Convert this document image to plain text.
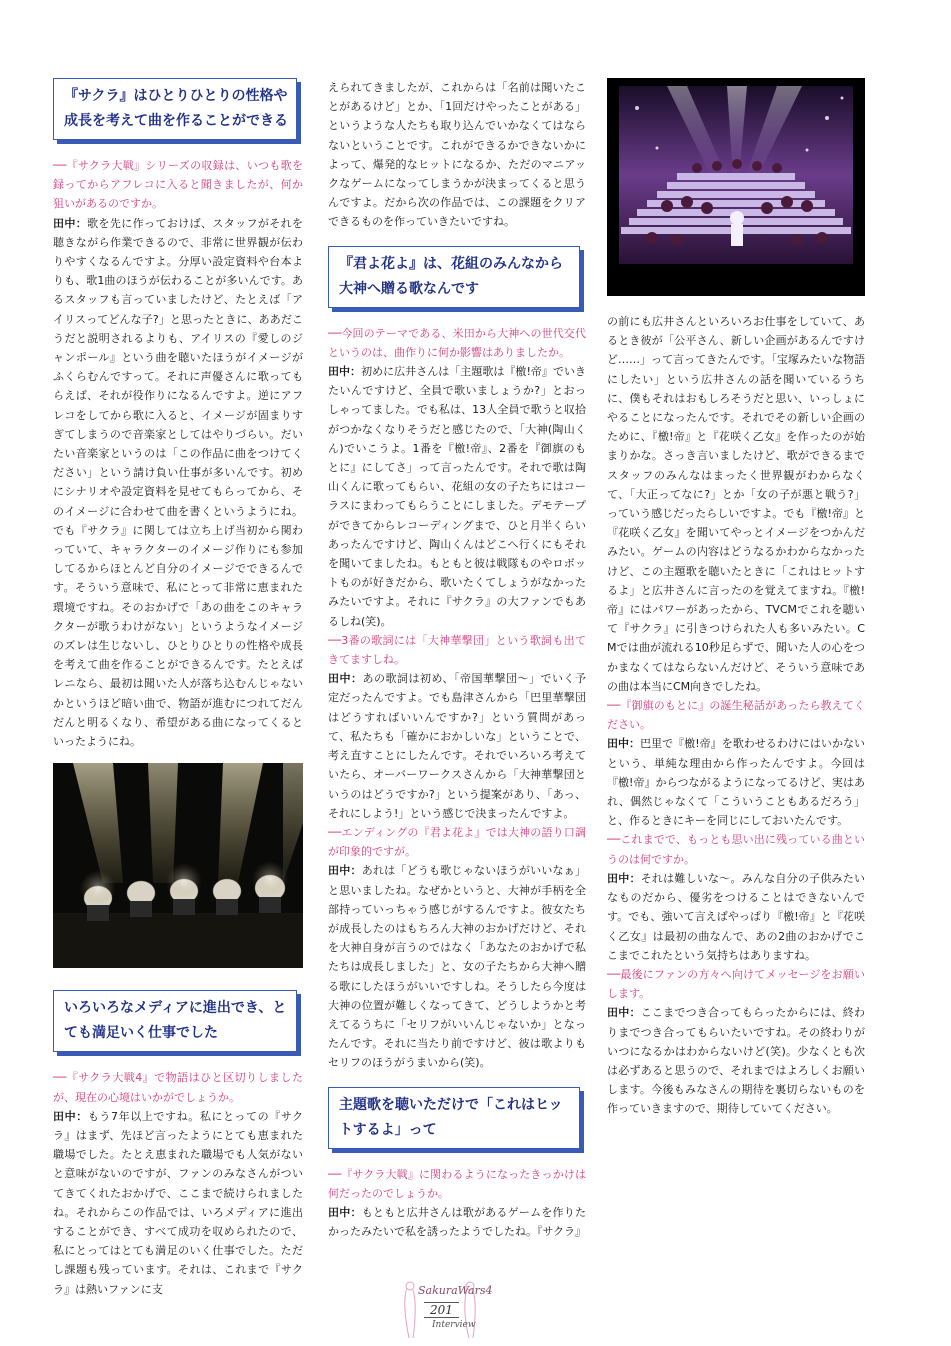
『サクラ』はひとりひとりの性格や成長を考えて曲を作ることができる

──『サクラ大戦』シリーズの収録は、いつも歌を録ってからアフレコに入ると聞きましたが、何か狙いがあるのですか。

田中：歌を先に作っておけば、スタッフがそれを聴きながら作業できるので、非常に世界観が伝わりやすくなるんですよ。分厚い設定資料や台本よりも、歌1曲のほうが伝わることが多いんです。あるスタッフも言っていましたけど、たとえば「アイリスってどんな子?」と思ったときに、ああだこうだと説明されるよりも、アイリスの『愛しのジャンポール』という曲を聴いたほうがイメージがふくらむんですって。それに声優さんに歌ってもらえば、それが役作りになるんですよ。逆にアフレコをしてから歌に入ると、イメージが固まりすぎてしまうので音楽家としてはやりづらい。だいたい音楽家というのは「この作品に曲をつけてください」という請け負い仕事が多いんです。初めにシナリオや設定資料を見せてもらってから、そのイメージに合わせて曲を書くというようにね。でも『サクラ』に関しては立ち上げ当初から関わっていて、キャラクターのイメージ作りにも参加してるからほとんど自分のイメージでできるんです。そういう意味で、私にとって非常に恵まれた環境ですね。そのおかげで「あの曲をこのキャラクターが歌うわけがない」というようなイメージのズレは生じないし、ひとりひとりの性格や成長を考えて曲を作ることができるんです。たとえばレニなら、最初は聞いた人が落ち込むんじゃないかというほど暗い曲で、物語が進むにつれてだんだんと明るくなり、希望がある曲になってくるといったようにね。

いろいろなメディアに進出でき、とても満足いく仕事でした

──『サクラ大戦4』で物語はひと区切りしましたが、現在の心境はいかがでしょうか。

田中：もう7年以上ですね。私にとっての『サクラ』はまず、先ほど言ったようにとても恵まれた職場でした。たとえ恵まれた職場でも人気がないと意味がないのですが、ファンのみなさんがついてきてくれたおかげで、ここまで続けられましたね。それからこの作品では、いろメディアに進出することができ、すべて成功を収められたので、私にとってはとても満足のいく仕事でした。ただし課題も残っています。それは、これまで『サクラ』は熱いファンに支

えられてきましたが、これからは「名前は聞いたことがあるけど」とか、「1回だけやったことがある」というような人たちも取り込んでいかなくてはならないということです。これができるかできないかによって、爆発的なヒットになるか、ただのマニアックなゲームになってしまうかが決まってくると思うんですよ。だから次の作品では、この課題をクリアできるものを作っていきたいですね。

『君よ花よ』は、花組のみんなから大神へ贈る歌なんです

──今回のテーマである、米田から大神への世代交代というのは、曲作りに何か影響はありましたか。

田中：初めに広井さんは「主題歌は『檄!帝』でいきたいんですけど、全員で歌いましょうか?」とおっしゃってました。でも私は、13人全員で歌うと収拾がつかなくなりそうだと感じたので、「大神(陶山くん)でいこうよ。1番を『檄!帝』、2番を『御旗のもとに』にしてさ」って言ったんです。それで歌は陶山くんに歌ってもらい、花組の女の子たちにはコーラスにまわってもらうことにしました。デモテープができてからレコーディングまで、ひと月半くらいあったんですけど、陶山くんはどこへ行くにもそれを聞いてましたね。もともと彼は戦隊ものやロボットものが好きだから、歌いたくてしょうがなかったみたいですよ。それに『サクラ』の大ファンでもあるしね(笑)。

──3番の歌詞には「大神華撃団」という歌詞も出てきてますしね。

田中：あの歌詞は初め、「帝国華撃団〜」でいく予定だったんですよ。でも島津さんから「巴里華撃団はどうすればいいんですか?」という質問があって、私たちも「確かにおかしいな」ということで、考え直すことにしたんです。それでいろいろ考えていたら、オーバーワークスさんから「大神華撃団というのはどうですか?」という提案があり、「あっ、それにしよう!」という感じで決まったんですよ。

──エンディングの『君よ花よ』では大神の語り口調が印象的ですが。

田中：あれは「どうも歌じゃないほうがいいなぁ」と思いましたね。なぜかというと、大神が手柄を全部持っていっちゃう感じがするんですよ。彼女たちが成長したのはもちろん大神のおかげだけど、それを大神自身が言うのではなく「あなたのおかげで私たちは成長しました」と、女の子たちから大神へ贈る歌にしたほうがいいですしね。そうしたら今度は大神の位置が難しくなってきて、どうしようかと考えてるうちに「セリフがいいんじゃないか」となったんです。それに当たり前ですけど、彼は歌よりもセリフのほうがうまいから(笑)。

主題歌を聴いただけで「これはヒットするよ」って

──『サクラ大戦』に関わるようになったきっかけは何だったのでしょうか。

田中：もともと広井さんは歌があるゲームを作りたかったみたいで私を誘ったようでしたね。『サクラ』

の前にも広井さんといろいろお仕事をしていて、あるとき彼が「公平さん、新しい企画があるんですけど……」って言ってきたんです。「宝塚みたいな物語にしたい」という広井さんの話を聞いているうちに、僕もそれはおもしろそうだと思い、いっしょにやることになったんです。それでその新しい企画のために、『檄!帝』と『花咲く乙女』を作ったのが始まりかな。さっき言いましたけど、歌ができるまでスタッフのみんなはまったく世界観がわからなくて、「大正ってなに?」とか「女の子が悪と戦う?」っていう感じだったらしいですよ。でも『檄!帝』と『花咲く乙女』を聞いてやっとイメージをつかんだみたい。ゲームの内容はどうなるかわからなかったけど、この主題歌を聴いたときに「これはヒットするよ」と広井さんに言ったのを覚えてますね。『檄!帝』にはパワーがあったから、TVCMでこれを聴いて『サクラ』に引きつけられた人も多いみたい。CMでは曲が流れる10秒足らずで、聞いた人の心をつかまなくてはならないんだけど、そういう意味であの曲は本当にCM向きでしたね。

──『御旗のもとに』の誕生秘話があったら教えてください。

田中：巴里で『檄!帝』を歌わせるわけにはいかないという、単純な理由から作ったんですよ。今回は『檄!帝』からつながるようになってるけど、実はあれ、偶然じゃなくて「こういうこともあるだろう」と、作るときにキーを同じにしておいたんです。

──これまでで、もっとも思い出に残っている曲というのは何ですか。

田中：それは難しいな〜。みんな自分の子供みたいなものだから、優劣をつけることはできないんです。でも、強いて言えばやっぱり『檄!帝』と『花咲く乙女』は最初の曲なんで、あの2曲のおかげでここまでこれたという気持ちはありますね。

──最後にファンの方々へ向けてメッセージをお願いします。

田中：ここまでつき合ってもらったからには、終わりまでつき合ってもらいたいですね。その終わりがいつになるかはわからないけど(笑)。少なくとも次は必ずあると思うので、それまではよろしくお願いします。今後もみなさんの期待を裏切らないものを作っていきますので、期待していてください。

SakuraWars4
201
Interview
